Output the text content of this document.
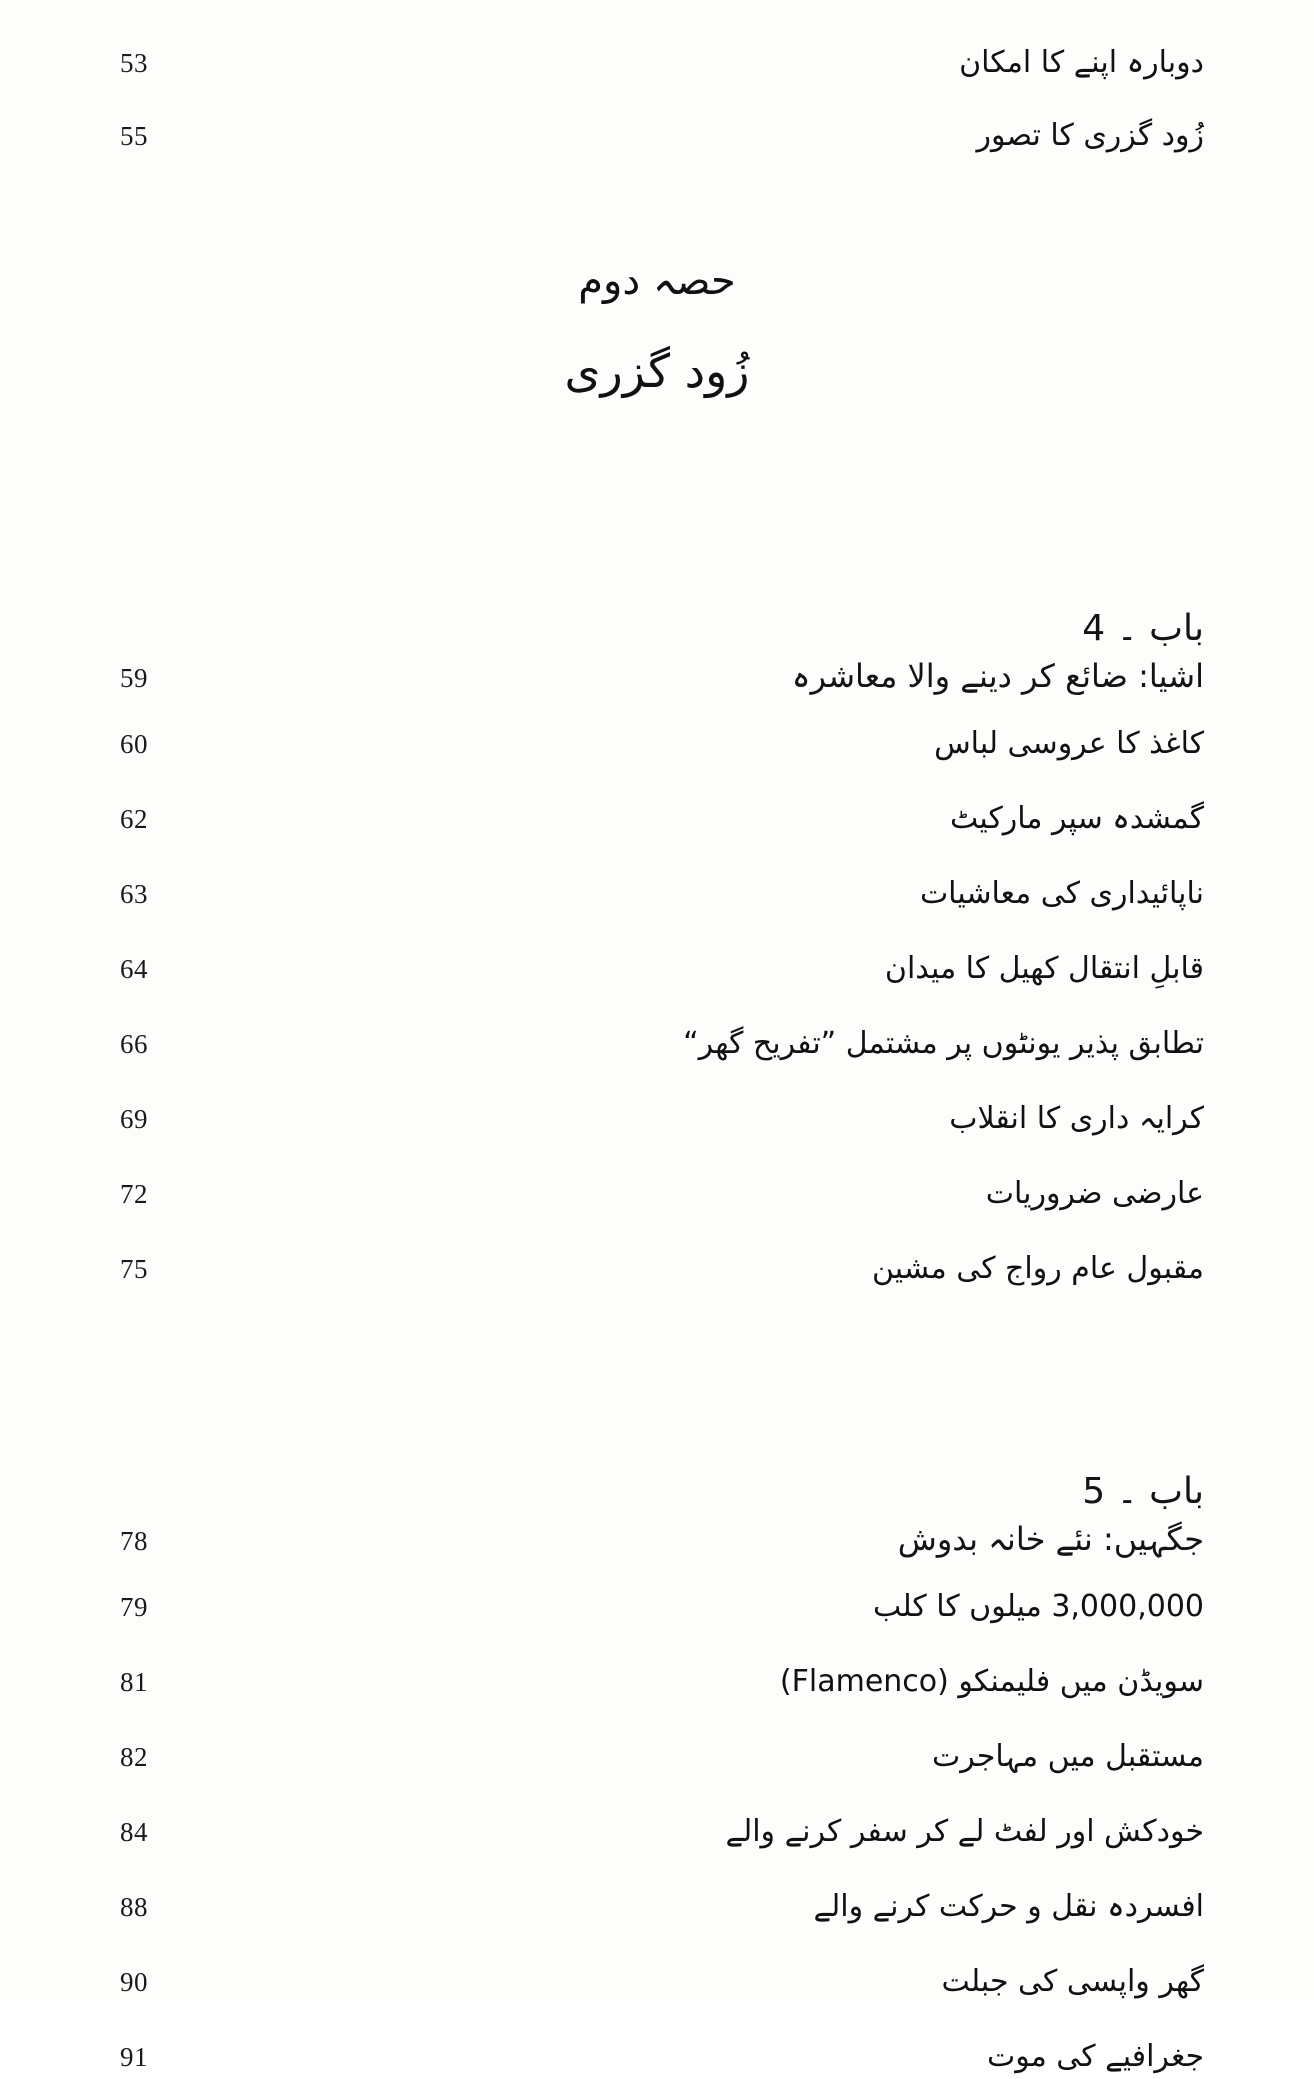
53	دوبارہ اپنے کا امکان
55	زُود گزری کا تصور
حصہ دوم
زُود گزری
باب ۔ 4
59	اشیا: ضائع کر دینے والا معاشرہ
60	کاغذ کا عروسی لباس
62	گمشدہ سپر مارکیٹ
63	ناپائیداری کی معاشیات
64	قابلِ انتقال کھیل کا میدان
66	تطابق پذیر یونٹوں پر مشتمل ”تفریح گھر“
69	کرایہ داری کا انقلاب
72	عارضی ضروریات
75	مقبول عام رواج کی مشین
باب ۔ 5
78	جگہیں: نئے خانہ بدوش
79	3,000,000 میلوں کا کلب
81	سویڈن میں فلیمنکو (Flamenco)
82	مستقبل میں مہاجرت
84	خودکش اور لفٹ لے کر سفر کرنے والے
88	افسردہ نقل و حرکت کرنے والے
90	گھر واپسی کی جبلت
91	جغرافیے کی موت
